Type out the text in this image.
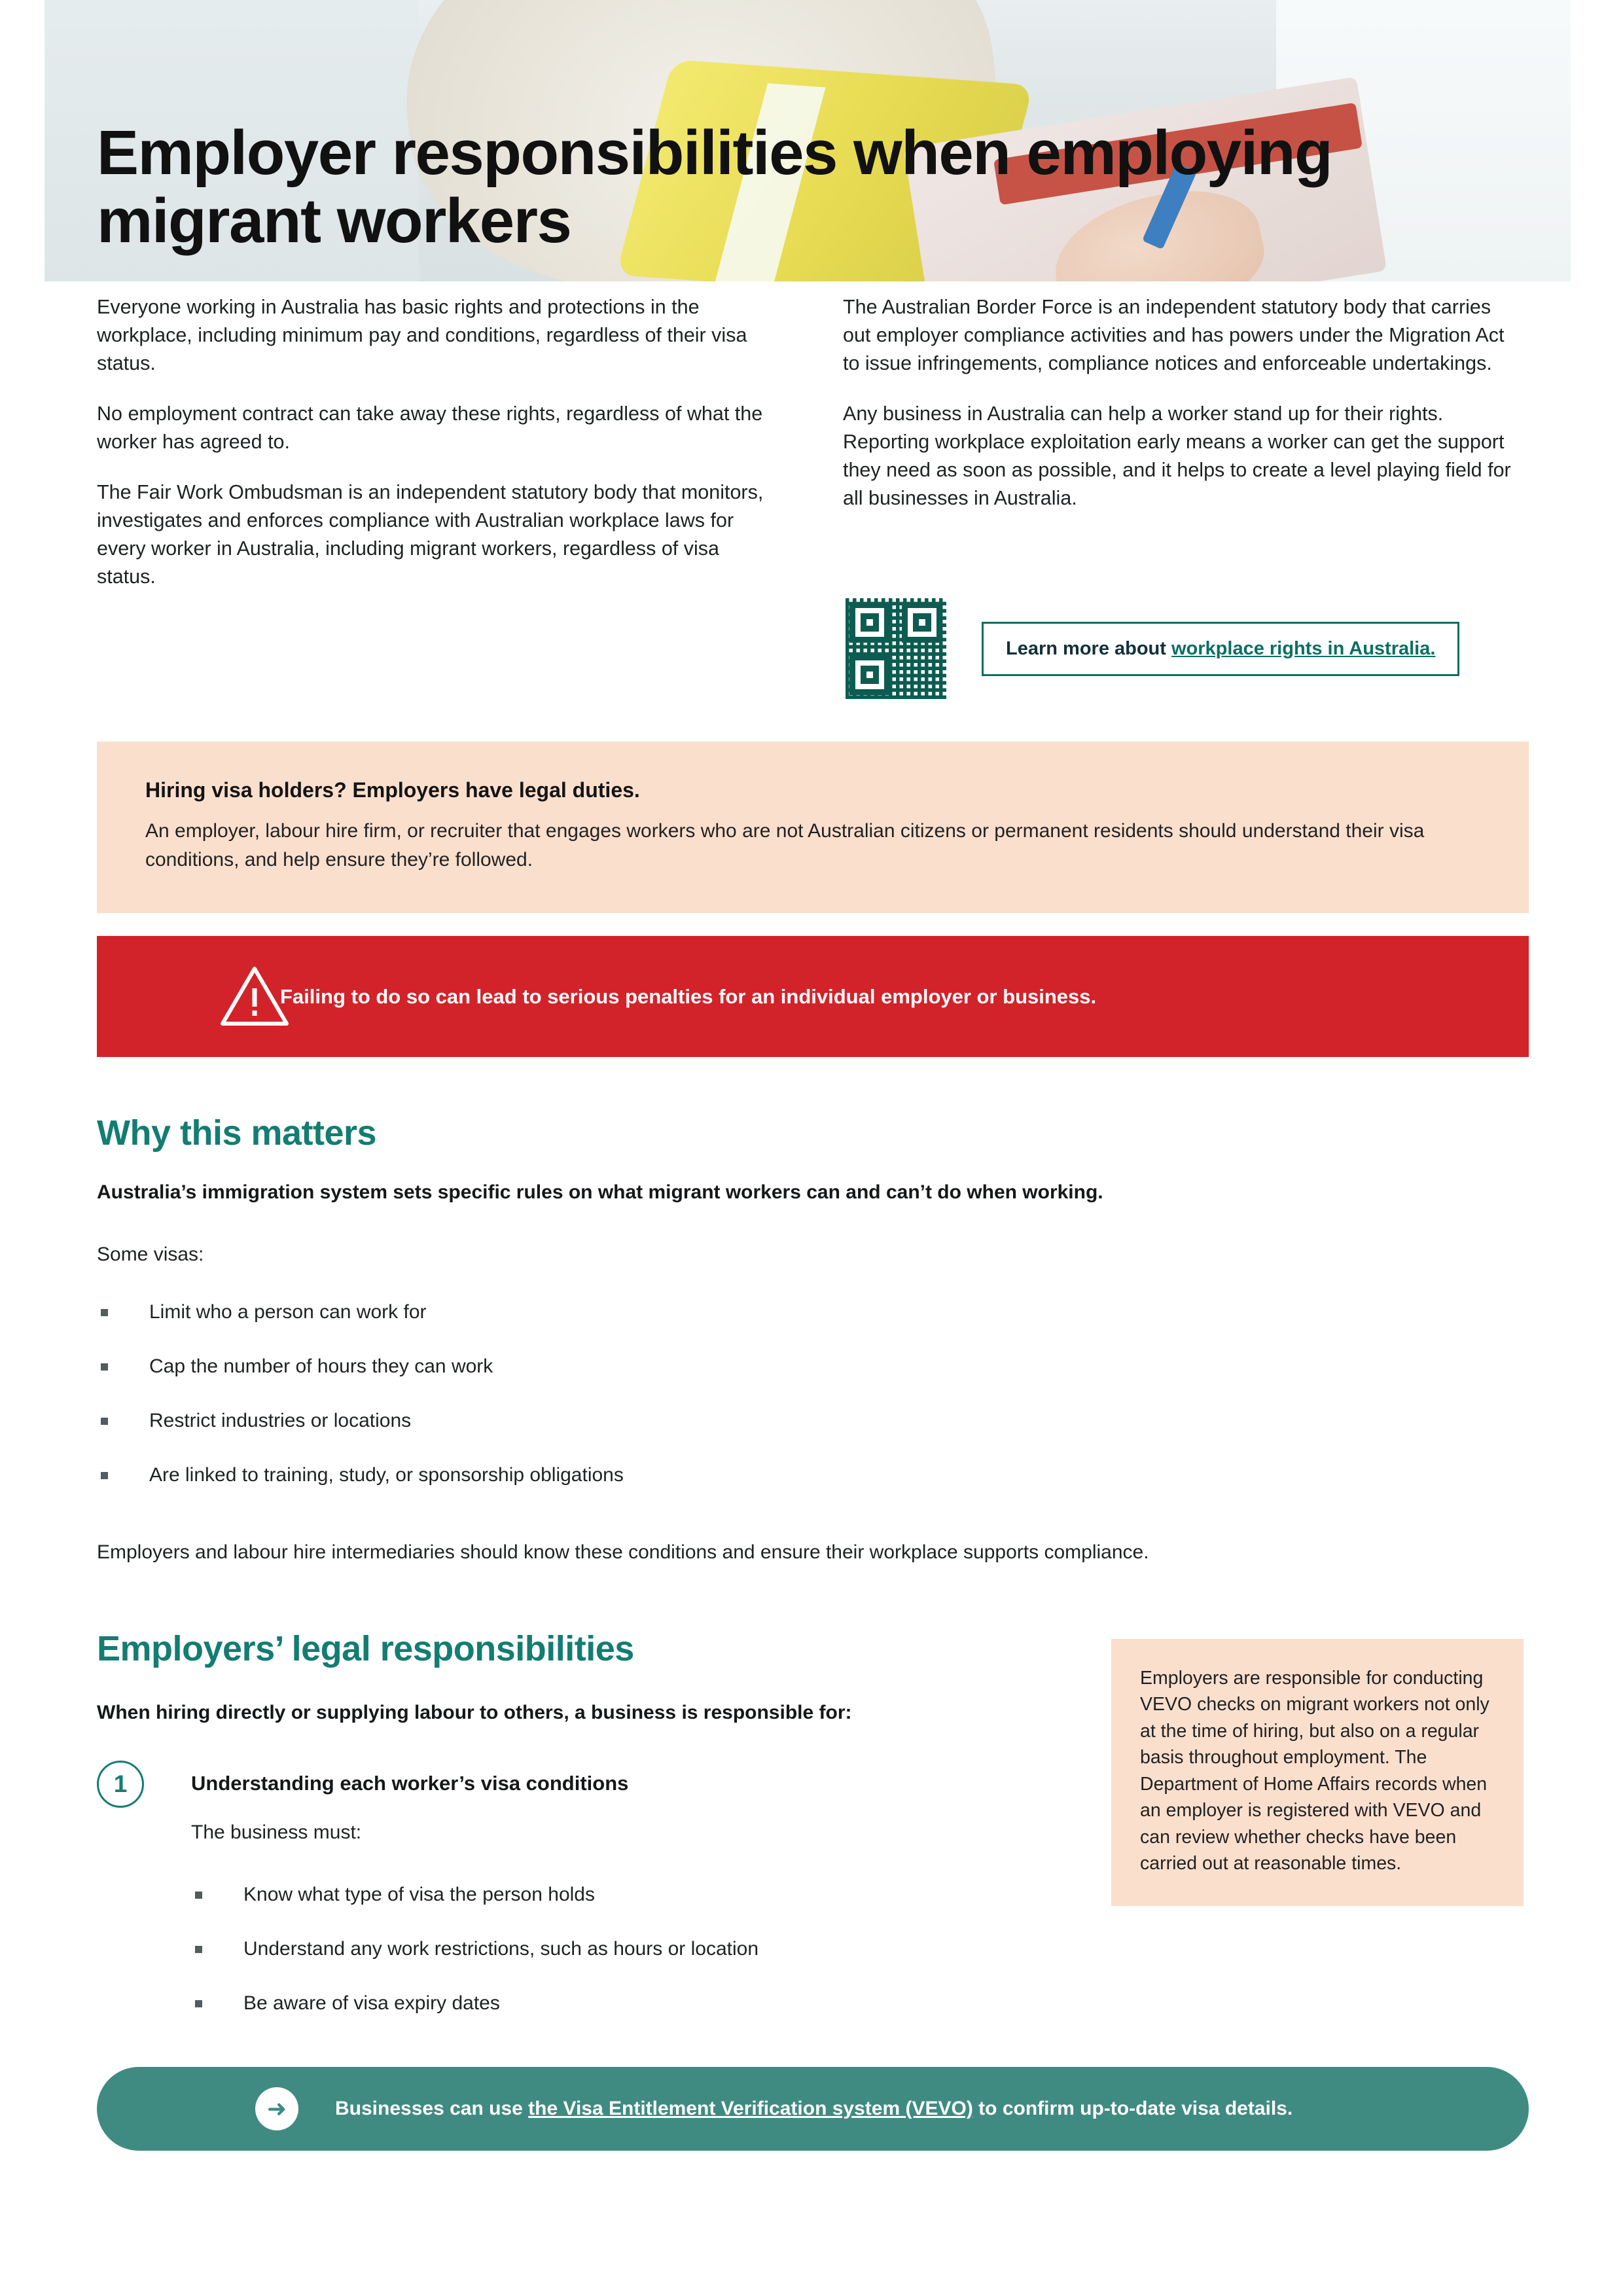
Employer responsibilities when employing migrant workers

Everyone working in Australia has basic rights and protections in the workplace, including minimum pay and conditions, regardless of their visa status.

No employment contract can take away these rights, regardless of what the worker has agreed to.

The Fair Work Ombudsman is an independent statutory body that monitors, investigates and enforces compliance with Australian workplace laws for every worker in Australia, including migrant workers, regardless of visa status.

The Australian Border Force is an independent statutory body that carries out employer compliance activities and has powers under the Migration Act to issue infringements, compliance notices and enforceable undertakings.

Any business in Australia can help a worker stand up for their rights. Reporting workplace exploitation early means a worker can get the support they need as soon as possible, and it helps to create a level playing field for all businesses in Australia.

Learn more about workplace rights in Australia.
Hiring visa holders? Employers have legal duties.
An employer, labour hire firm, or recruiter that engages workers who are not Australian citizens or permanent residents should understand their visa conditions, and help ensure they’re followed.
Failing to do so can lead to serious penalties for an individual employer or business.
Why this matters
Australia’s immigration system sets specific rules on what migrant workers can and can’t do when working.
Some visas:
Limit who a person can work for
Cap the number of hours they can work
Restrict industries or locations
Are linked to training, study, or sponsorship obligations
Employers and labour hire intermediaries should know these conditions and ensure their workplace supports compliance.
Employers’ legal responsibilities
When hiring directly or supplying labour to others, a business is responsible for:
1	Understanding each worker’s visa conditions
The business must:
Know what type of visa the person holds
Understand any work restrictions, such as hours or location
Be aware of visa expiry dates
Employers are responsible for conducting VEVO checks on migrant workers not only at the time of hiring, but also on a regular basis throughout employment. The Department of Home Affairs records when an employer is registered with VEVO and can review whether checks have been carried out at reasonable times.
➜	Businesses can use the Visa Entitlement Verification system (VEVO) to confirm up-to-date visa details.
